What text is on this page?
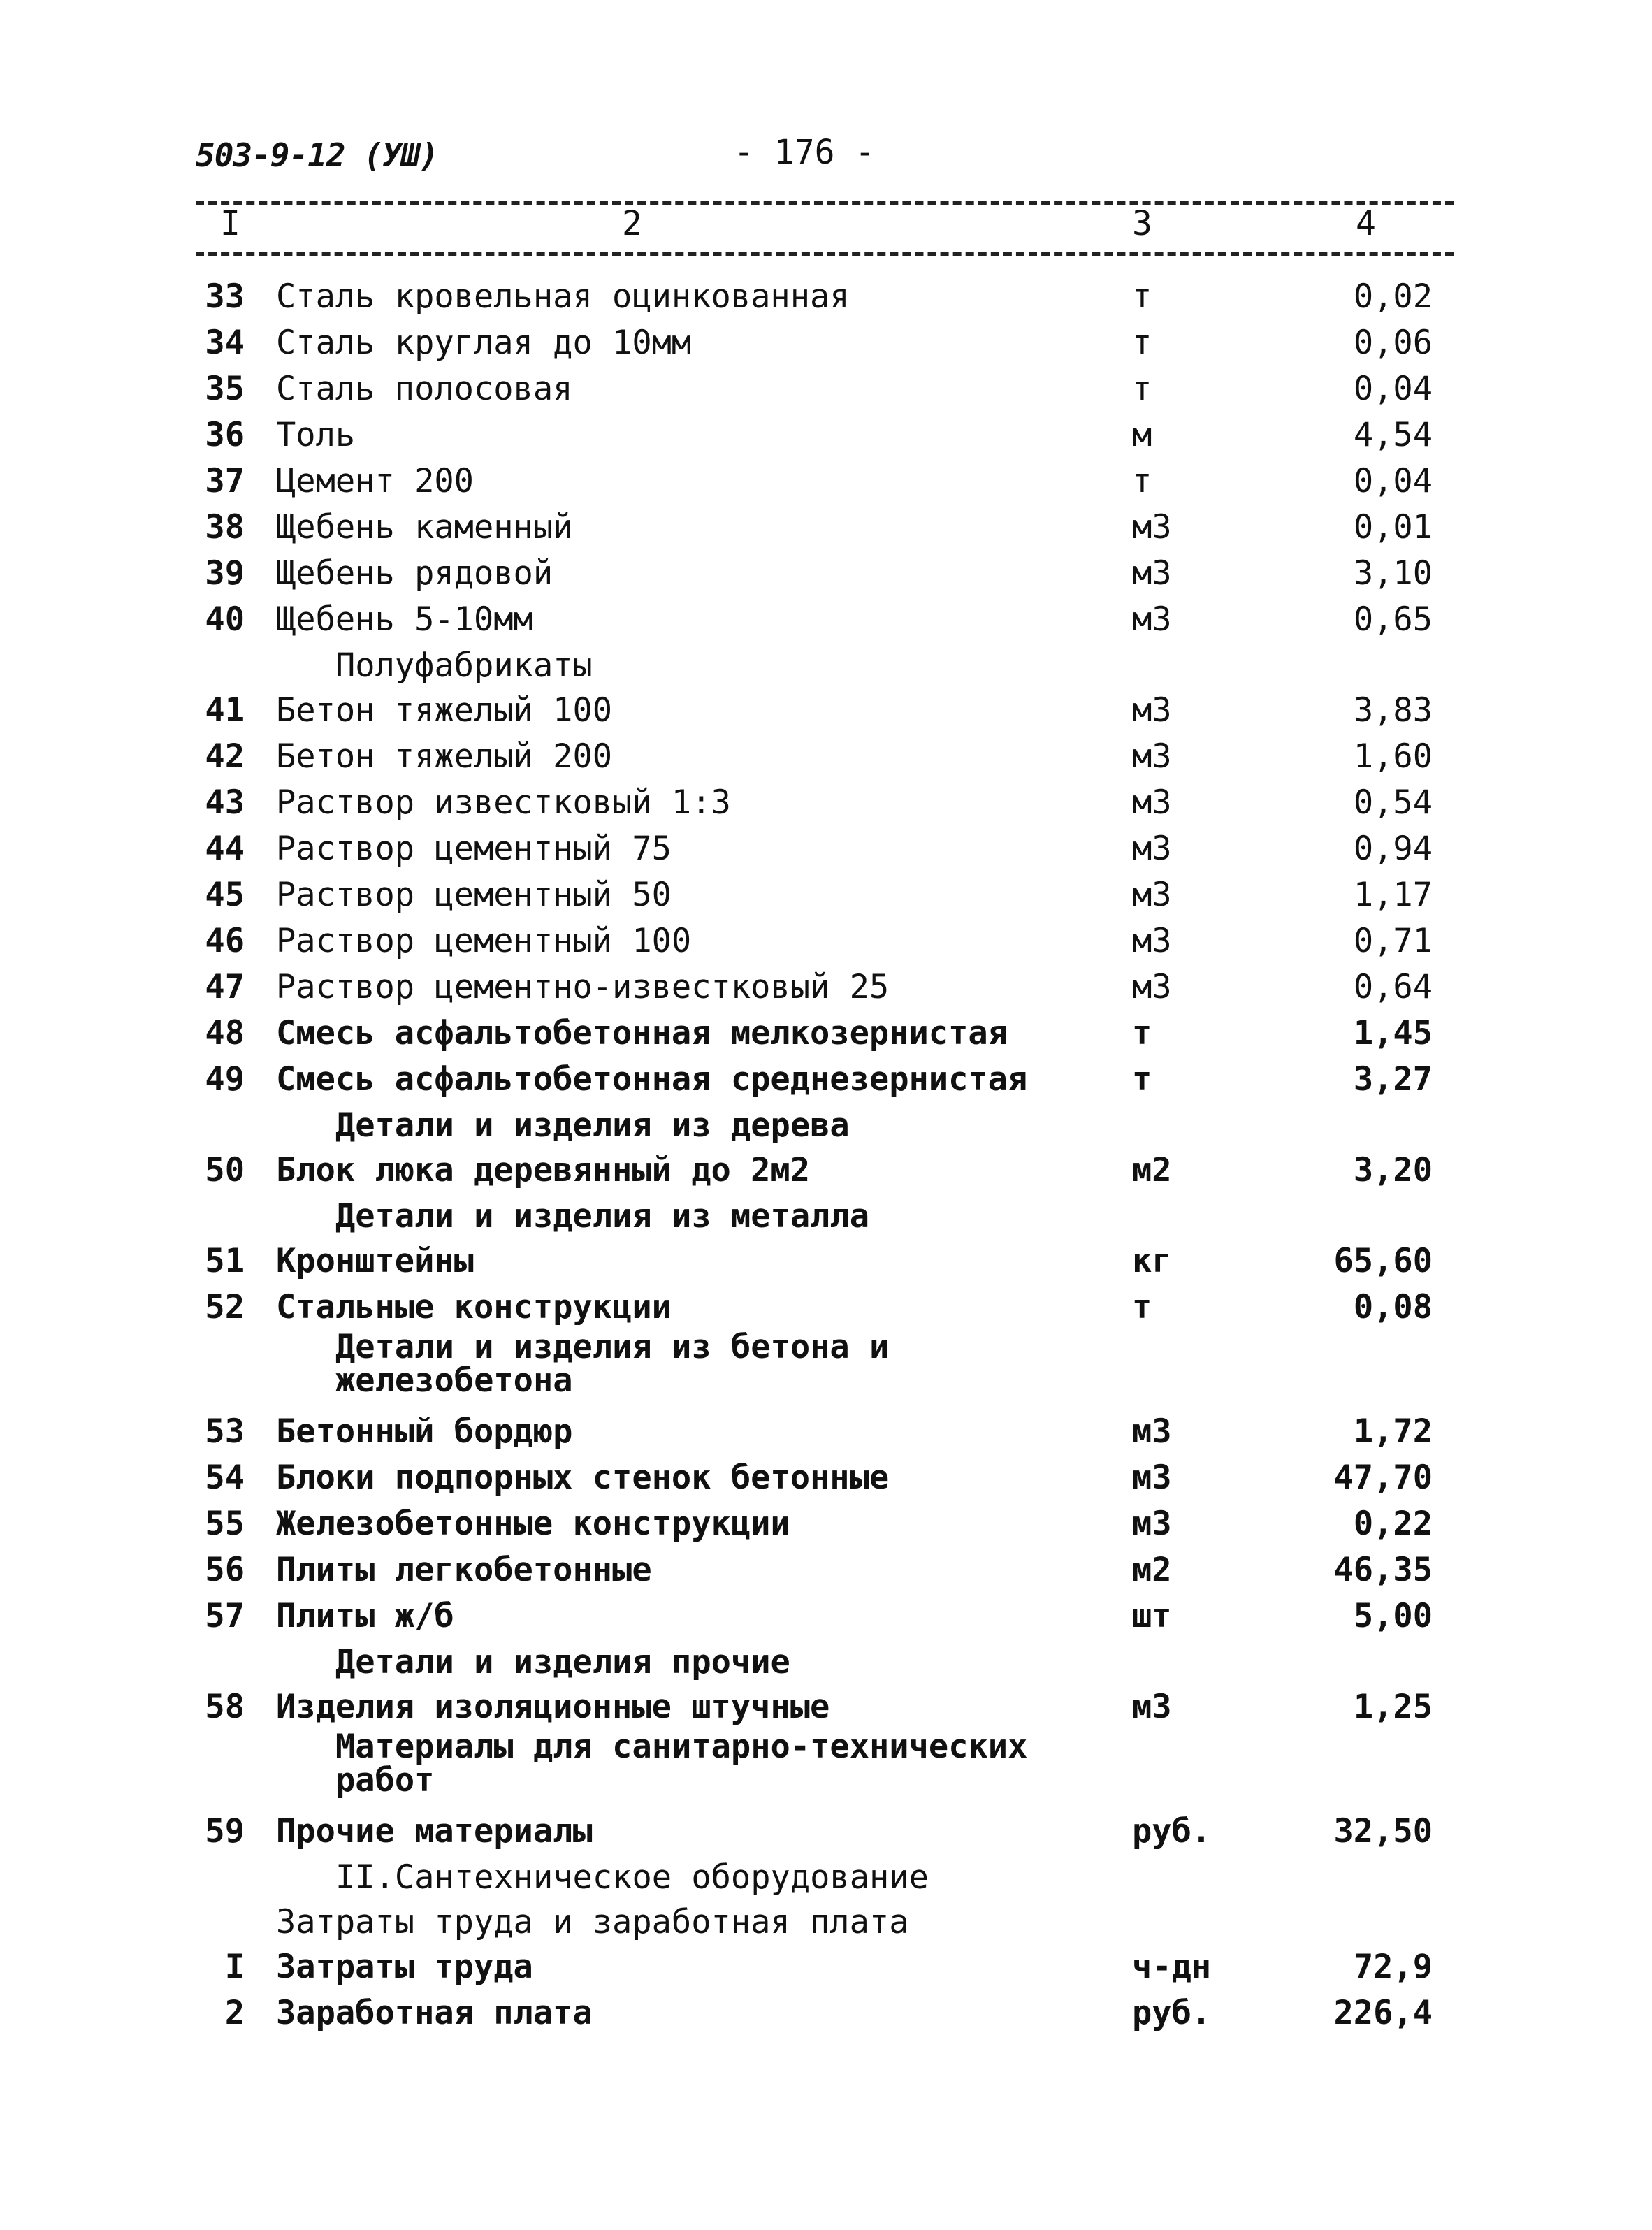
503-9-12 (УШ)	- 176 -
I	2	3	4
33 Сталь кровельная оцинкованная	т	0,02
34 Сталь круглая до 10мм	т	0,06
35 Сталь полосовая	т	0,04
36 Толь	м	4,54
37 Цемент 200	т	0,04
38 Щебень каменный	м3	0,01
39 Щебень рядовой	м3	3,10
40 Щебень 5-10мм	м3	0,65
Полуфабрикаты
41 Бетон тяжелый 100	м3	3,83
42 Бетон тяжелый 200	м3	1,60
43 Раствор известковый 1:3	м3	0,54
44 Раствор цементный 75	м3	0,94
45 Раствор цементный 50	м3	1,17
46 Раствор цементный 100	м3	0,71
47 Раствор цементно-известковый 25	м3	0,64
48 Смесь асфальтобетонная мелкозернистая	т	1,45
49 Смесь асфальтобетонная среднезернистая	т	3,27
Детали и изделия из дерева
50 Блок люка деревянный до 2м2	м2	3,20
Детали и изделия из металла
51 Кронштейны	кг	65,60
52 Стальные конструкции	т	0,08
Детали и изделия из бетона и железобетона
53 Бетонный бордюр	м3	1,72
54 Блоки подпорных стенок бетонные	м3	47,70
55 Железобетонные конструкции	м3	0,22
56 Плиты легкобетонные	м2	46,35
57 Плиты ж/б	шт	5,00
Детали и изделия прочие
58 Изделия изоляционные штучные	м3	1,25
Материалы для санитарно-технических работ
59 Прочие материалы	руб.	32,50
II.Сантехническое оборудование
Затраты труда и заработная плата
I Затраты труда	ч-дн	72,9
2 Заработная плата	руб.	226,4
